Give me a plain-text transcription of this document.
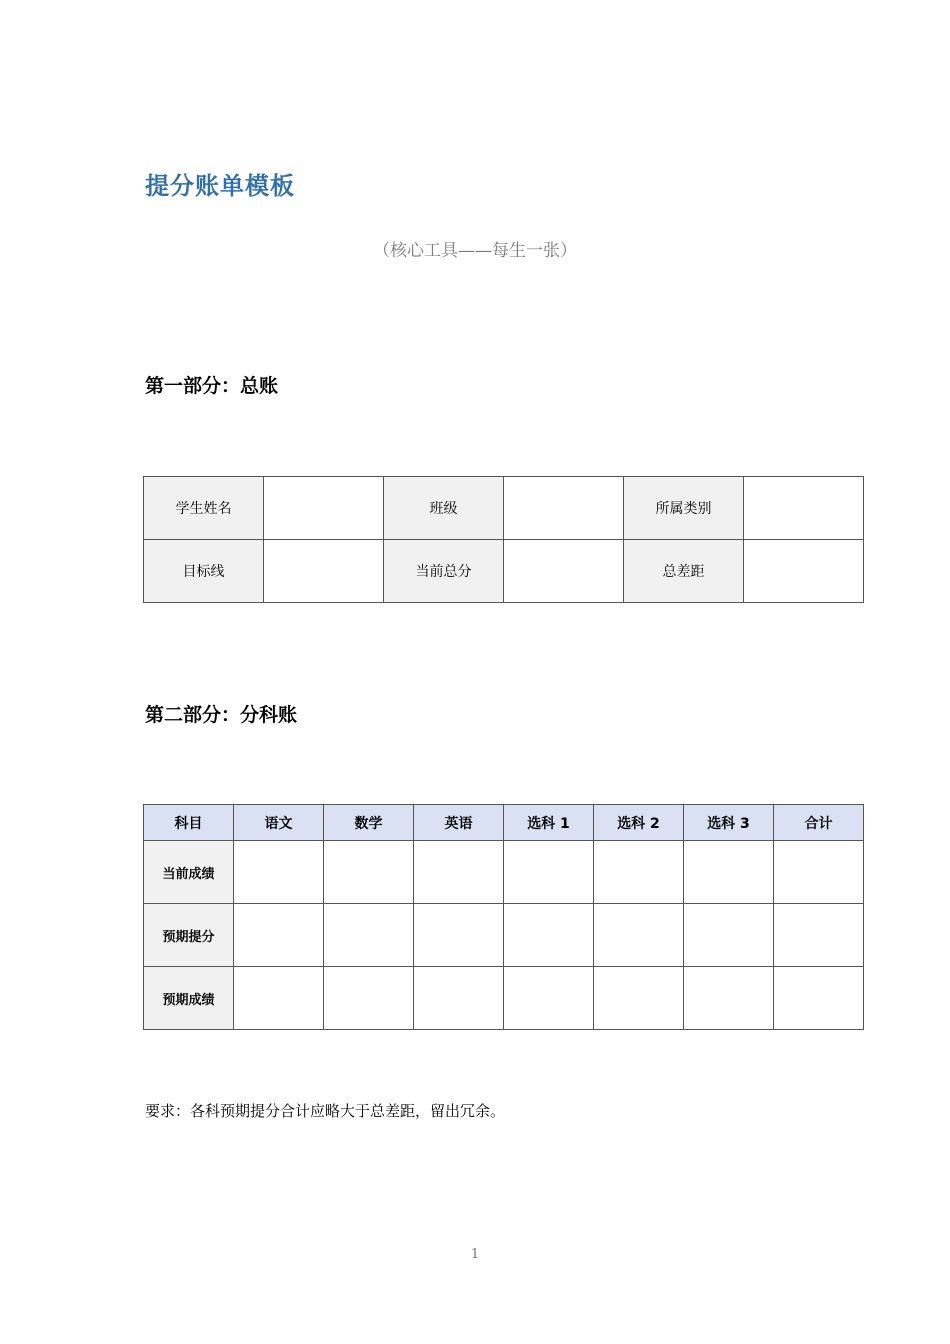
提分账单模板
（核心工具——每生一张）
第一部分：总账
学生姓名		班级		所属类别	
目标线		当前总分		总差距	
第二部分：分科账
科目	语文	数学	英语	选科 1	选科 2	选科 3	合计
当前成绩							
预期提分							
预期成绩							
要求：各科预期提分合计应略大于总差距，留出冗余。
1
